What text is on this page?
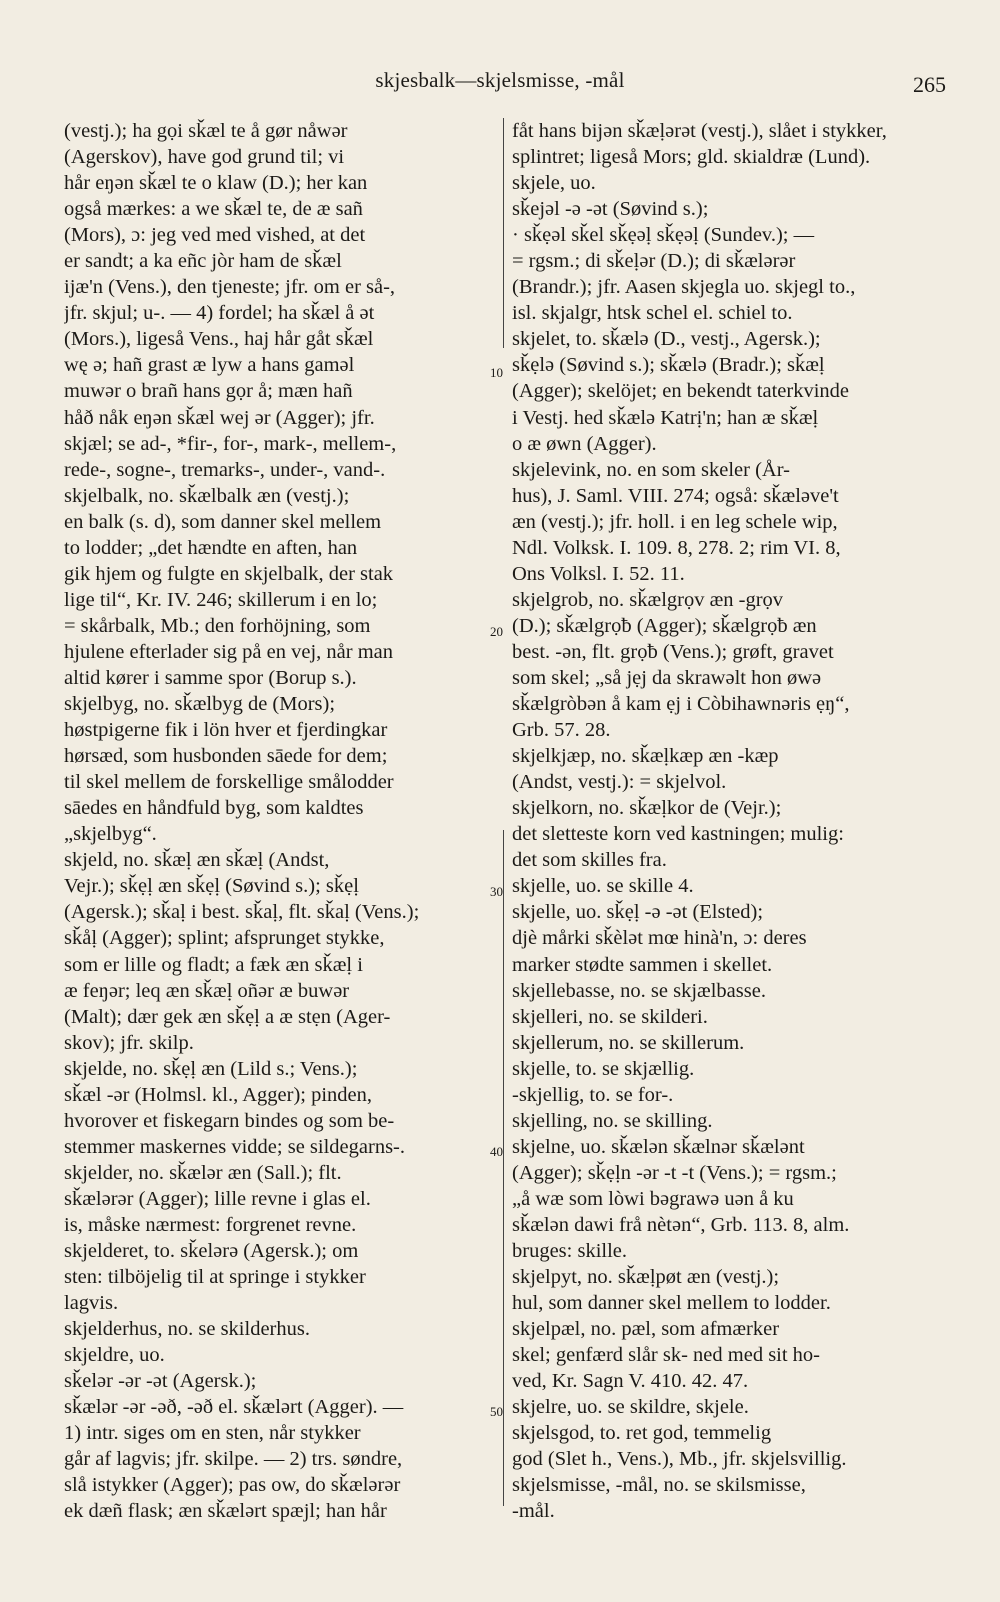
skjesbalk—skjelsmisse, -mål	265

(vestj.); ha gọi sǩæl te å gør nåwər

(Agerskov), have god grund til; vi

hår eŋən sǩæl te o klaw (D.); her kan

også mærkes: a we sǩæl te, de æ sañ

(Mors), ɔ: jeg ved med vished, at det

er sandt; a ka eñc jòr ham de sǩæl

ijæ'n (Vens.), den tjeneste; jfr. om er så-,

jfr. skjul; u-. — 4) fordel; ha sǩæl å ət

(Mors.), ligeså Vens., haj hår gåt sǩæl

wę ə; hañ grast æ lyw a hans gaməl

muwər o brañ hans gọr å; mæn hañ

håð nåk eŋən sǩæl wej ər (Agger); jfr.

skjæl; se ad-, *fir-, for-, mark-, mellem-,

rede-, sogne-, tremarks-, under-, vand-.

skjelbalk, no. sǩælbalk æn (vestj.);

en balk (s. d), som danner skel mellem

to lodder; „det hændte en aften, han

gik hjem og fulgte en skjelbalk, der stak

lige til“, Kr. IV. 246; skillerum i en lo;

= skårbalk, Mb.; den forhöjning, som

hjulene efterlader sig på en vej, når man

altid kører i samme spor (Borup s.).

skjelbyg, no. sǩælbyg de (Mors);

høstpigerne fik i lön hver et fjerdingkar

hørsæd, som husbonden sāede for dem;

til skel mellem de forskellige smålodder

sāedes en håndfuld byg, som kaldtes

„skjelbyg“.

skjeld, no. sǩæḷ æn sǩæḷ (Andst,

Vejr.); sǩẹḷ æn sǩẹḷ (Søvind s.); sǩẹḷ

(Agersk.); sǩaḷ i best. sǩaḷ, flt. sǩaḷ (Vens.);

sǩåḷ (Agger); splint; afsprunget stykke,

som er lille og fladt; a fæk æn sǩæḷ i

æ feŋər; leq æn sǩæḷ oñər æ buwər

(Malt); dær gek æn sǩẹḷ a æ stẹn (Ager-

skov); jfr. skilp.

skjelde, no. sǩẹḷ æn (Lild s.; Vens.);

sǩæl -ər (Holmsl. kl., Agger); pinden,

hvorover et fiskegarn bindes og som be-

stemmer maskernes vidde; se sildegarns-.

skjelder, no. sǩælər æn (Sall.); flt.

sǩælərər (Agger); lille revne i glas el.

is, måske nærmest: forgrenet revne.

skjelderet, to. sǩelərə (Agersk.); om

sten: tilböjelig til at springe i stykker

lagvis.

skjelderhus, no. se skilderhus.

skjeldre, uo.

sǩelər -ər -ət (Agersk.);

sǩælər -ər -əð, -əð el. sǩælərt (Agger). —

1) intr. siges om en sten, når stykker

går af lagvis; jfr. skilpe. — 2) trs. søndre,

slå istykker (Agger); pas ow, do sǩælərər

ek dæñ flask; æn sǩælərt spæjl; han hår

fåt hans bijən sǩæḷərət (vestj.), slået i stykker,

splintret; ligeså Mors; gld. skialdræ (Lund).

skjele, uo.

sǩejəl -ə -ət (Søvind s.);

· sǩẹəl sǩel sǩẹəḷ sǩẹəḷ (Sundev.); —

= rgsm.; di sǩeḷər (D.); di sǩælərər

(Brandr.); jfr. Aasen skjegla uo. skjegl to.,

isl. skjalgr, htsk schel el. schiel to.

skjelet, to. sǩælə (D., vestj., Agersk.);

sǩẹlə (Søvind s.); sǩælə (Bradr.); sǩæḷ

(Agger); skelöjet; en bekendt taterkvinde

i Vestj. hed sǩælə Katrị'n; han æ sǩæḷ

o æ øwn (Agger).

skjelevink, no. en som skeler (År-

hus), J. Saml. VIII. 274; også: sǩæləve't

æn (vestj.); jfr. holl. i en leg schele wip,

Ndl. Volksk. I. 109. 8, 278. 2; rim VI. 8,

Ons Volksl. I. 52. 11.

skjelgrob, no. sǩælgrọv æn -grọv

(D.); sǩælgrọƀ (Agger); sǩælgrọƀ æn

best. -ən, flt. grọƀ (Vens.); grøft, gravet

som skel; „så jẹj da skrawəlt hon øwə

sǩælgròbən å kam ẹj i Còbihawnəris ẹŋ“,

Grb. 57. 28.

skjelkjæp, no. sǩæḷkæp æn -kæp

(Andst, vestj.): = skjelvol.

skjelkorn, no. sǩæḷkor de (Vejr.);

det sletteste korn ved kastningen; mulig:

det som skilles fra.

skjelle, uo. se skille 4.

skjelle, uo. sǩẹḷ -ə -ət (Elsted);

djè mårki sǩèlət mœ hinà'n, ɔ: deres

marker stødte sammen i skellet.

skjellebasse, no. se skjælbasse.

skjelleri, no. se skilderi.

skjellerum, no. se skillerum.

skjelle, to. se skjællig.

-skjellig, to. se for-.

skjelling, no. se skilling.

skjelne, uo. sǩælən sǩælnər sǩælənt

(Agger); sǩẹḷn -ər -t -t (Vens.); = rgsm.;

„å wæ som lòwi bəgrawə uən å ku

sǩælən dawi frå nètən“, Grb. 113. 8, alm.

bruges: skille.

skjelpyt, no. sǩæḷpøt æn (vestj.);

hul, som danner skel mellem to lodder.

skjelpæl, no. pæl, som afmærker

skel; genfærd slår sk- ned med sit ho-

ved, Kr. Sagn V. 410. 42. 47.

skjelre, uo. se skildre, skjele.

skjelsgod, to. ret god, temmelig

god (Slet h., Vens.), Mb., jfr. skjelsvillig.

skjelsmisse, -mål, no. se skilsmisse,

-mål.

10
20
30
40
50
